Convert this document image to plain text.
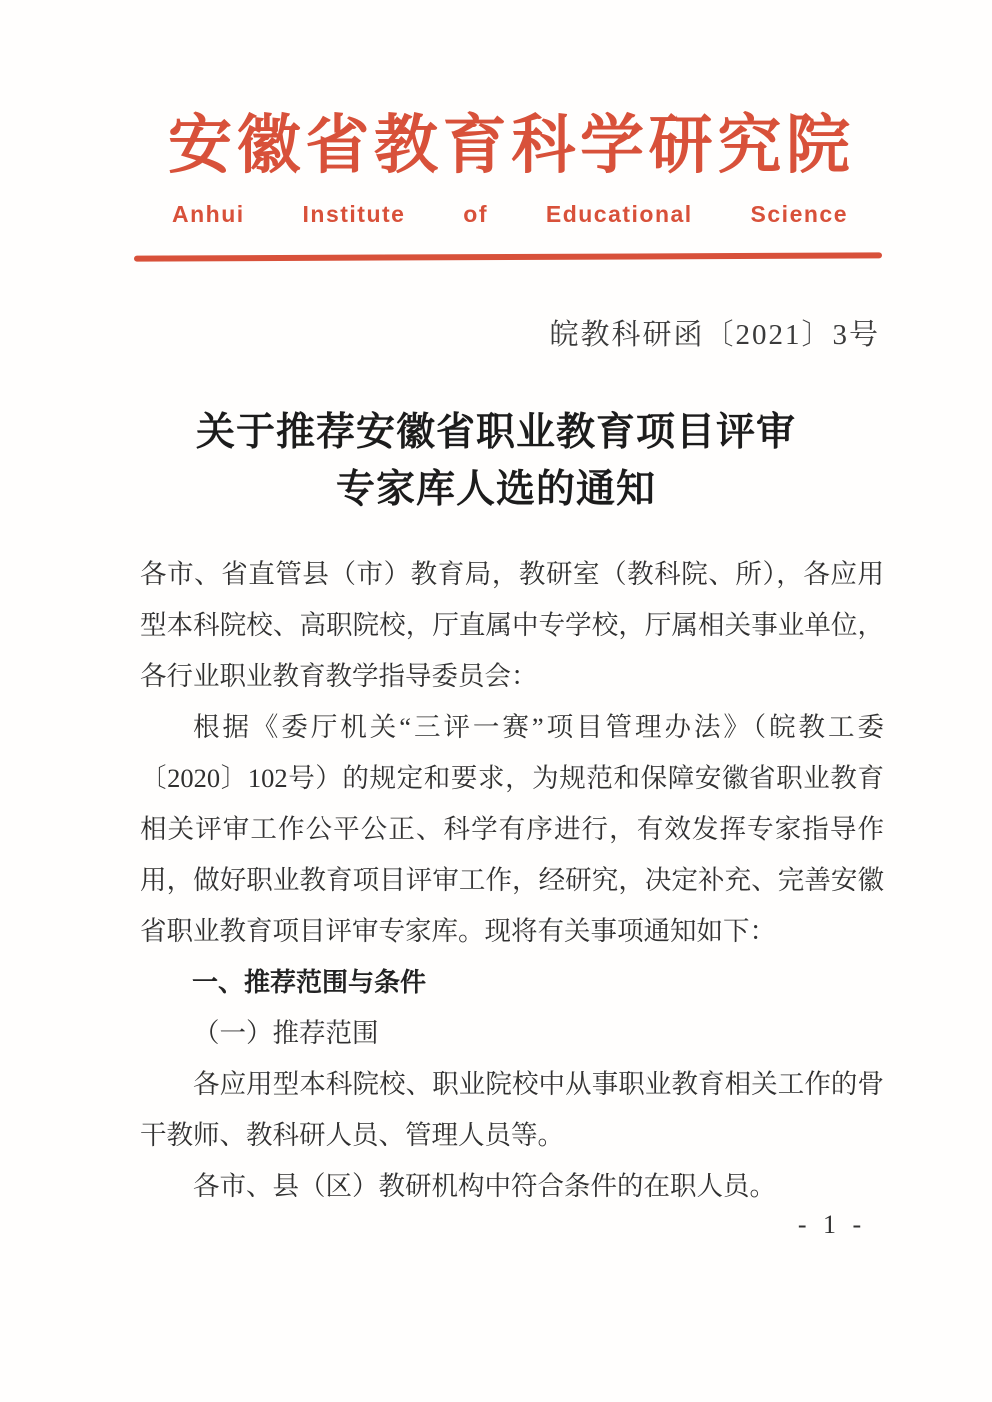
安徽省教育科学研究院
Anhui Institute of Educational Science
皖教科研函〔2021〕3号
关于推荐安徽省职业教育项目评审
专家库人选的通知

各市、省直管县（市）教育局，教研室（教科院、所），各应用型本科院校、高职院校，厅直属中专学校，厅属相关事业单位，各行业职业教育教学指导委员会：

根据《委厅机关“三评一赛”项目管理办法》（皖教工委〔2020〕102号）的规定和要求，为规范和保障安徽省职业教育相关评审工作公平公正、科学有序进行，有效发挥专家指导作用，做好职业教育项目评审工作，经研究，决定补充、完善安徽省职业教育项目评审专家库。现将有关事项通知如下：

一、推荐范围与条件

（一）推荐范围

各应用型本科院校、职业院校中从事职业教育相关工作的骨干教师、教科研人员、管理人员等。

各市、县（区）教研机构中符合条件的在职人员。

- 1 -
